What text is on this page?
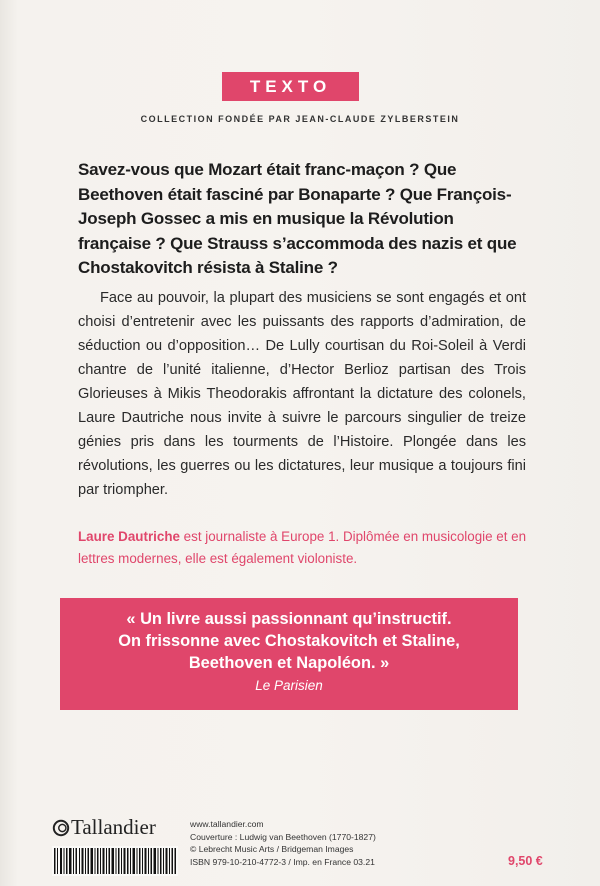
TEXTO
COLLECTION FONDÉE PAR JEAN-CLAUDE ZYLBERSTEIN
Savez-vous que Mozart était franc-maçon ? Que Beethoven était fasciné par Bonaparte ? Que François-Joseph Gossec a mis en musique la Révolution française ? Que Strauss s’accommoda des nazis et que Chostakovitch résista à Staline ?
Face au pouvoir, la plupart des musiciens se sont engagés et ont choisi d’entretenir avec les puissants des rapports d’admiration, de séduction ou d’opposition… De Lully courtisan du Roi-Soleil à Verdi chantre de l’unité italienne, d’Hector Berlioz partisan des Trois Glorieuses à Mikis Theodorakis affrontant la dictature des colonels, Laure Dautriche nous invite à suivre le parcours singulier de treize génies pris dans les tourments de l’Histoire. Plongée dans les révolutions, les guerres ou les dictatures, leur musique a toujours fini par triompher.
Laure Dautriche est journaliste à Europe 1. Diplômée en musicologie et en lettres modernes, elle est également violoniste.
« Un livre aussi passionnant qu’instructif.
On frissonne avec Chostakovitch et Staline,
Beethoven et Napoléon. »
Le Parisien
Tallandier	www.tallandier.com
Couverture : Ludwig van Beethoven (1770-1827)
© Lebrecht Music Arts / Bridgeman Images
ISBN 979-10-210-4772-3 / Imp. en France 03.21	9,50 €
